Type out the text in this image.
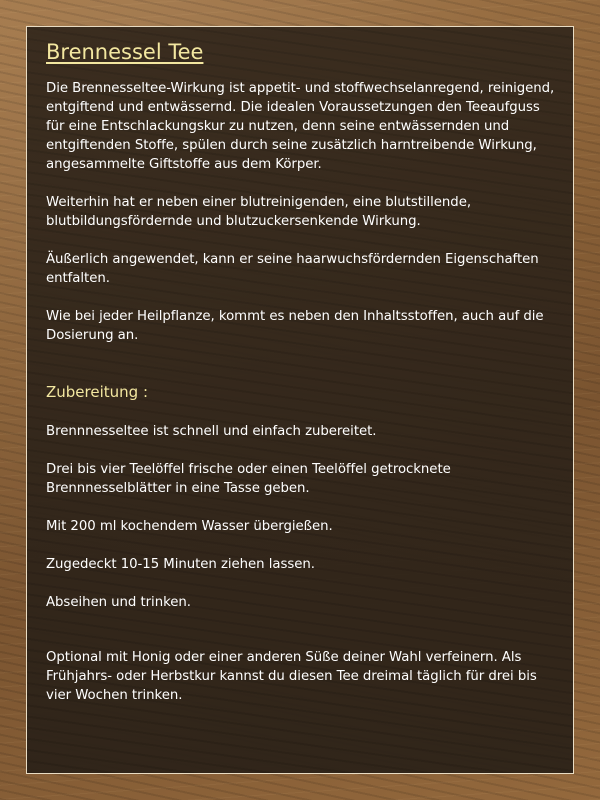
Brennessel Tee

Die Brennesseltee-Wirkung ist appetit- und stoffwechselanregend, reinigend, entgiftend und entwässernd. Die idealen Voraussetzungen den Teeaufguss für eine Entschlackungskur zu nutzen, denn seine entwässernden und entgiftenden Stoffe, spülen durch seine zusätzlich harntreibende Wirkung, angesammelte Giftstoffe aus dem Körper.

Weiterhin hat er neben einer blutreinigenden, eine blutstillende, blutbildungsfördernde und blutzuckersenkende Wirkung.

Äußerlich angewendet, kann er seine haarwuchsfördernden Eigenschaften entfalten.

Wie bei jeder Heilpflanze, kommt es neben den Inhaltsstoffen, auch auf die Dosierung an.

Zubereitung :

Brennnesseltee ist schnell und einfach zubereitet.

Drei bis vier Teelöffel frische oder einen Teelöffel getrocknete Brennnesselblätter in eine Tasse geben.

Mit 200 ml kochendem Wasser übergießen.

Zugedeckt 10-15 Minuten ziehen lassen.

Abseihen und trinken.

Optional mit Honig oder einer anderen Süße deiner Wahl verfeinern. Als Frühjahrs- oder Herbstkur kannst du diesen Tee dreimal täglich für drei bis vier Wochen trinken.
